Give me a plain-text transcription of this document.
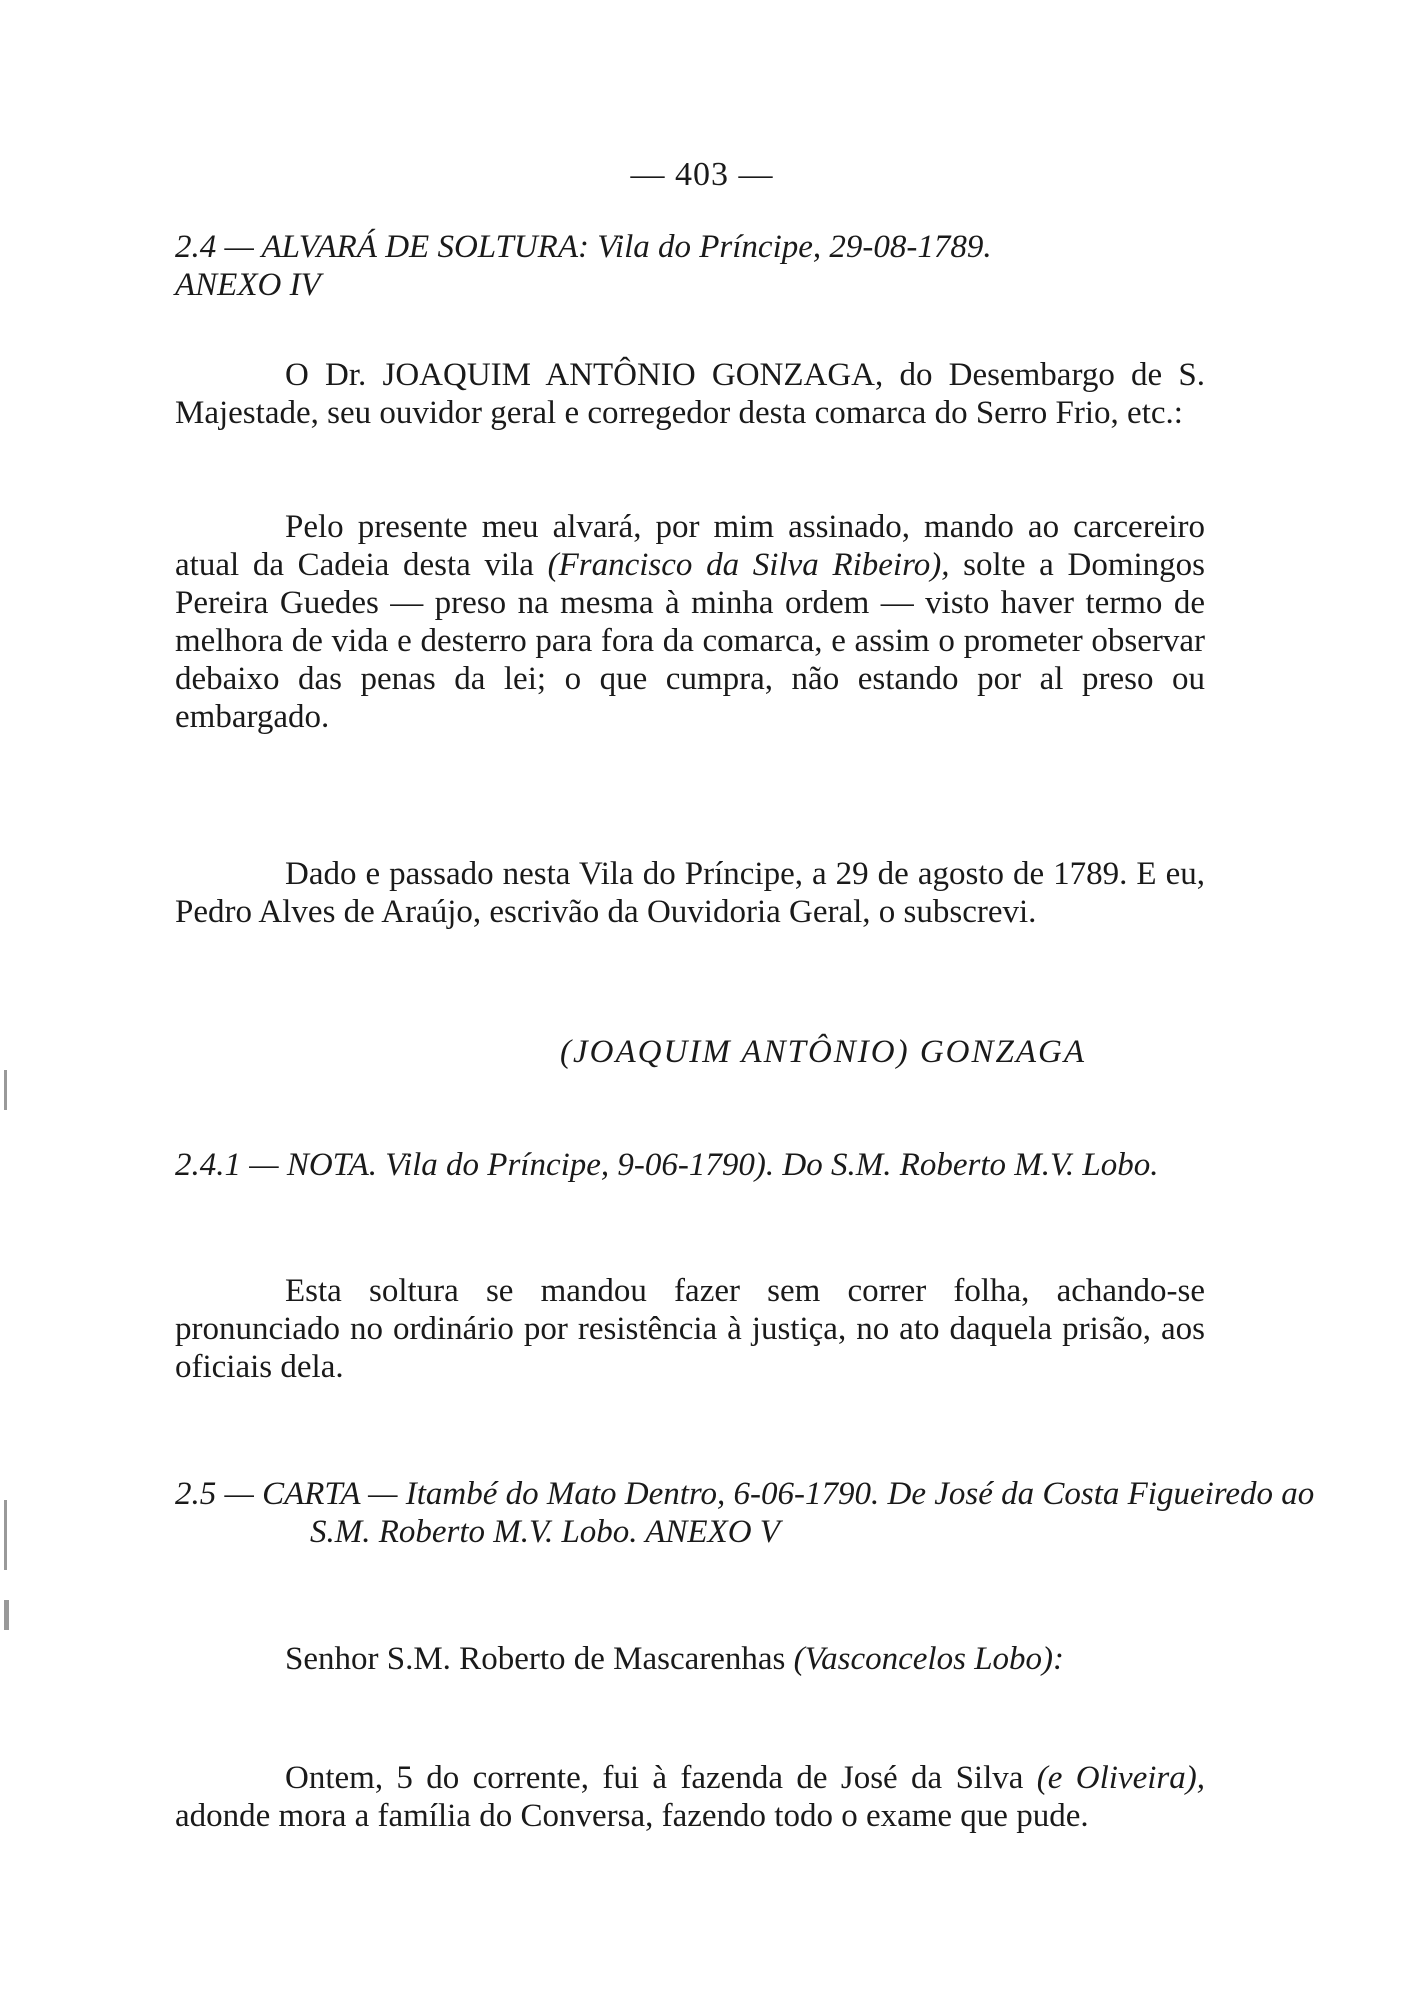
— 403 —
2.4 — ALVARÁ DE SOLTURA: Vila do Príncipe, 29-08-1789.
ANEXO IV
O Dr. JOAQUIM ANTÔNIO GONZAGA, do Desembargo de S. Majestade, seu ouvidor geral e corregedor desta comarca do Serro Frio, etc.:
Pelo presente meu alvará, por mim assinado, mando ao carcereiro atual da Cadeia desta vila (Francisco da Silva Ribeiro), solte a Domingos Pereira Guedes — preso na mesma à minha ordem — visto haver termo de melhora de vida e desterro para fora da comarca, e assim o prometer observar debaixo das penas da lei; o que cumpra, não estando por al preso ou embargado.
Dado e passado nesta Vila do Príncipe, a 29 de agosto de 1789. E eu, Pedro Alves de Araújo, escrivão da Ouvidoria Geral, o subscrevi.
(JOAQUIM ANTÔNIO) GONZAGA
2.4.1 — NOTA. Vila do Príncipe, 9-06-1790). Do S.M. Roberto M.V. Lobo.
Esta soltura se mandou fazer sem correr folha, achando-se pronunciado no ordinário por resistência à justiça, no ato daquela prisão, aos oficiais dela.
2.5 — CARTA — Itambé do Mato Dentro, 6-06-1790. De José da Costa Figueiredo ao S.M. Roberto M.V. Lobo. ANEXO V
Senhor S.M. Roberto de Mascarenhas (Vasconcelos Lobo):
Ontem, 5 do corrente, fui à fazenda de José da Silva (e Oliveira), adonde mora a família do Conversa, fazendo todo o exame que pude.
